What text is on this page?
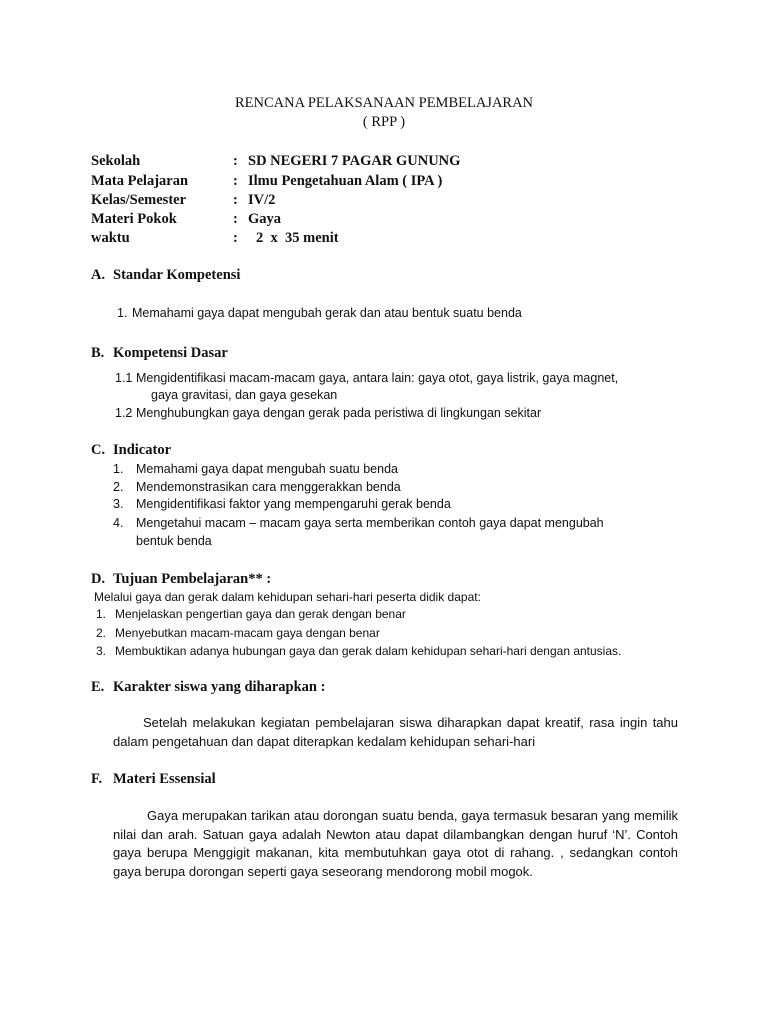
RENCANA PELAKSANAAN PEMBELAJARAN
( RPP )
Sekolah	: SD NEGERI 7 PAGAR GUNUNG
Mata Pelajaran	: Ilmu Pengetahuan Alam ( IPA )
Kelas/Semester	: IV/2
Materi Pokok	: Gaya
waktu	: 2  x  35 menit
A. Standar Kompetensi
1. Memahami gaya dapat mengubah gerak dan atau bentuk suatu benda
B. Kompetensi Dasar
1.1 Mengidentifikasi macam-macam gaya, antara lain: gaya otot, gaya listrik, gaya magnet,
gaya gravitasi, dan gaya gesekan
1.2 Menghubungkan gaya dengan gerak pada peristiwa di lingkungan sekitar
C. Indicator
1. Memahami gaya dapat mengubah suatu benda
2. Mendemonstrasikan cara menggerakkan benda
3. Mengidentifikasi faktor yang mempengaruhi gerak benda
4. Mengetahui macam – macam gaya serta memberikan contoh gaya dapat mengubah
bentuk benda
D. Tujuan Pembelajaran** :
Melalui gaya dan gerak dalam kehidupan sehari-hari peserta didik dapat:
1. Menjelaskan pengertian gaya dan gerak dengan benar
2. Menyebutkan macam-macam gaya dengan benar
3. Membuktikan adanya hubungan gaya dan gerak dalam kehidupan sehari-hari dengan antusias.
E. Karakter siswa yang diharapkan :
Setelah melakukan kegiatan pembelajaran siswa diharapkan dapat kreatif, rasa ingin tahu dalam pengetahuan dan dapat diterapkan kedalam kehidupan sehari-hari
F. Materi Essensial
Gaya merupakan tarikan atau dorongan suatu benda, gaya termasuk besaran yang memilik nilai dan arah. Satuan gaya adalah Newton atau dapat dilambangkan dengan huruf ‘N’. Contoh gaya berupa Menggigit makanan, kita membutuhkan gaya otot di rahang. , sedangkan contoh gaya berupa dorongan seperti gaya seseorang mendorong mobil mogok.
